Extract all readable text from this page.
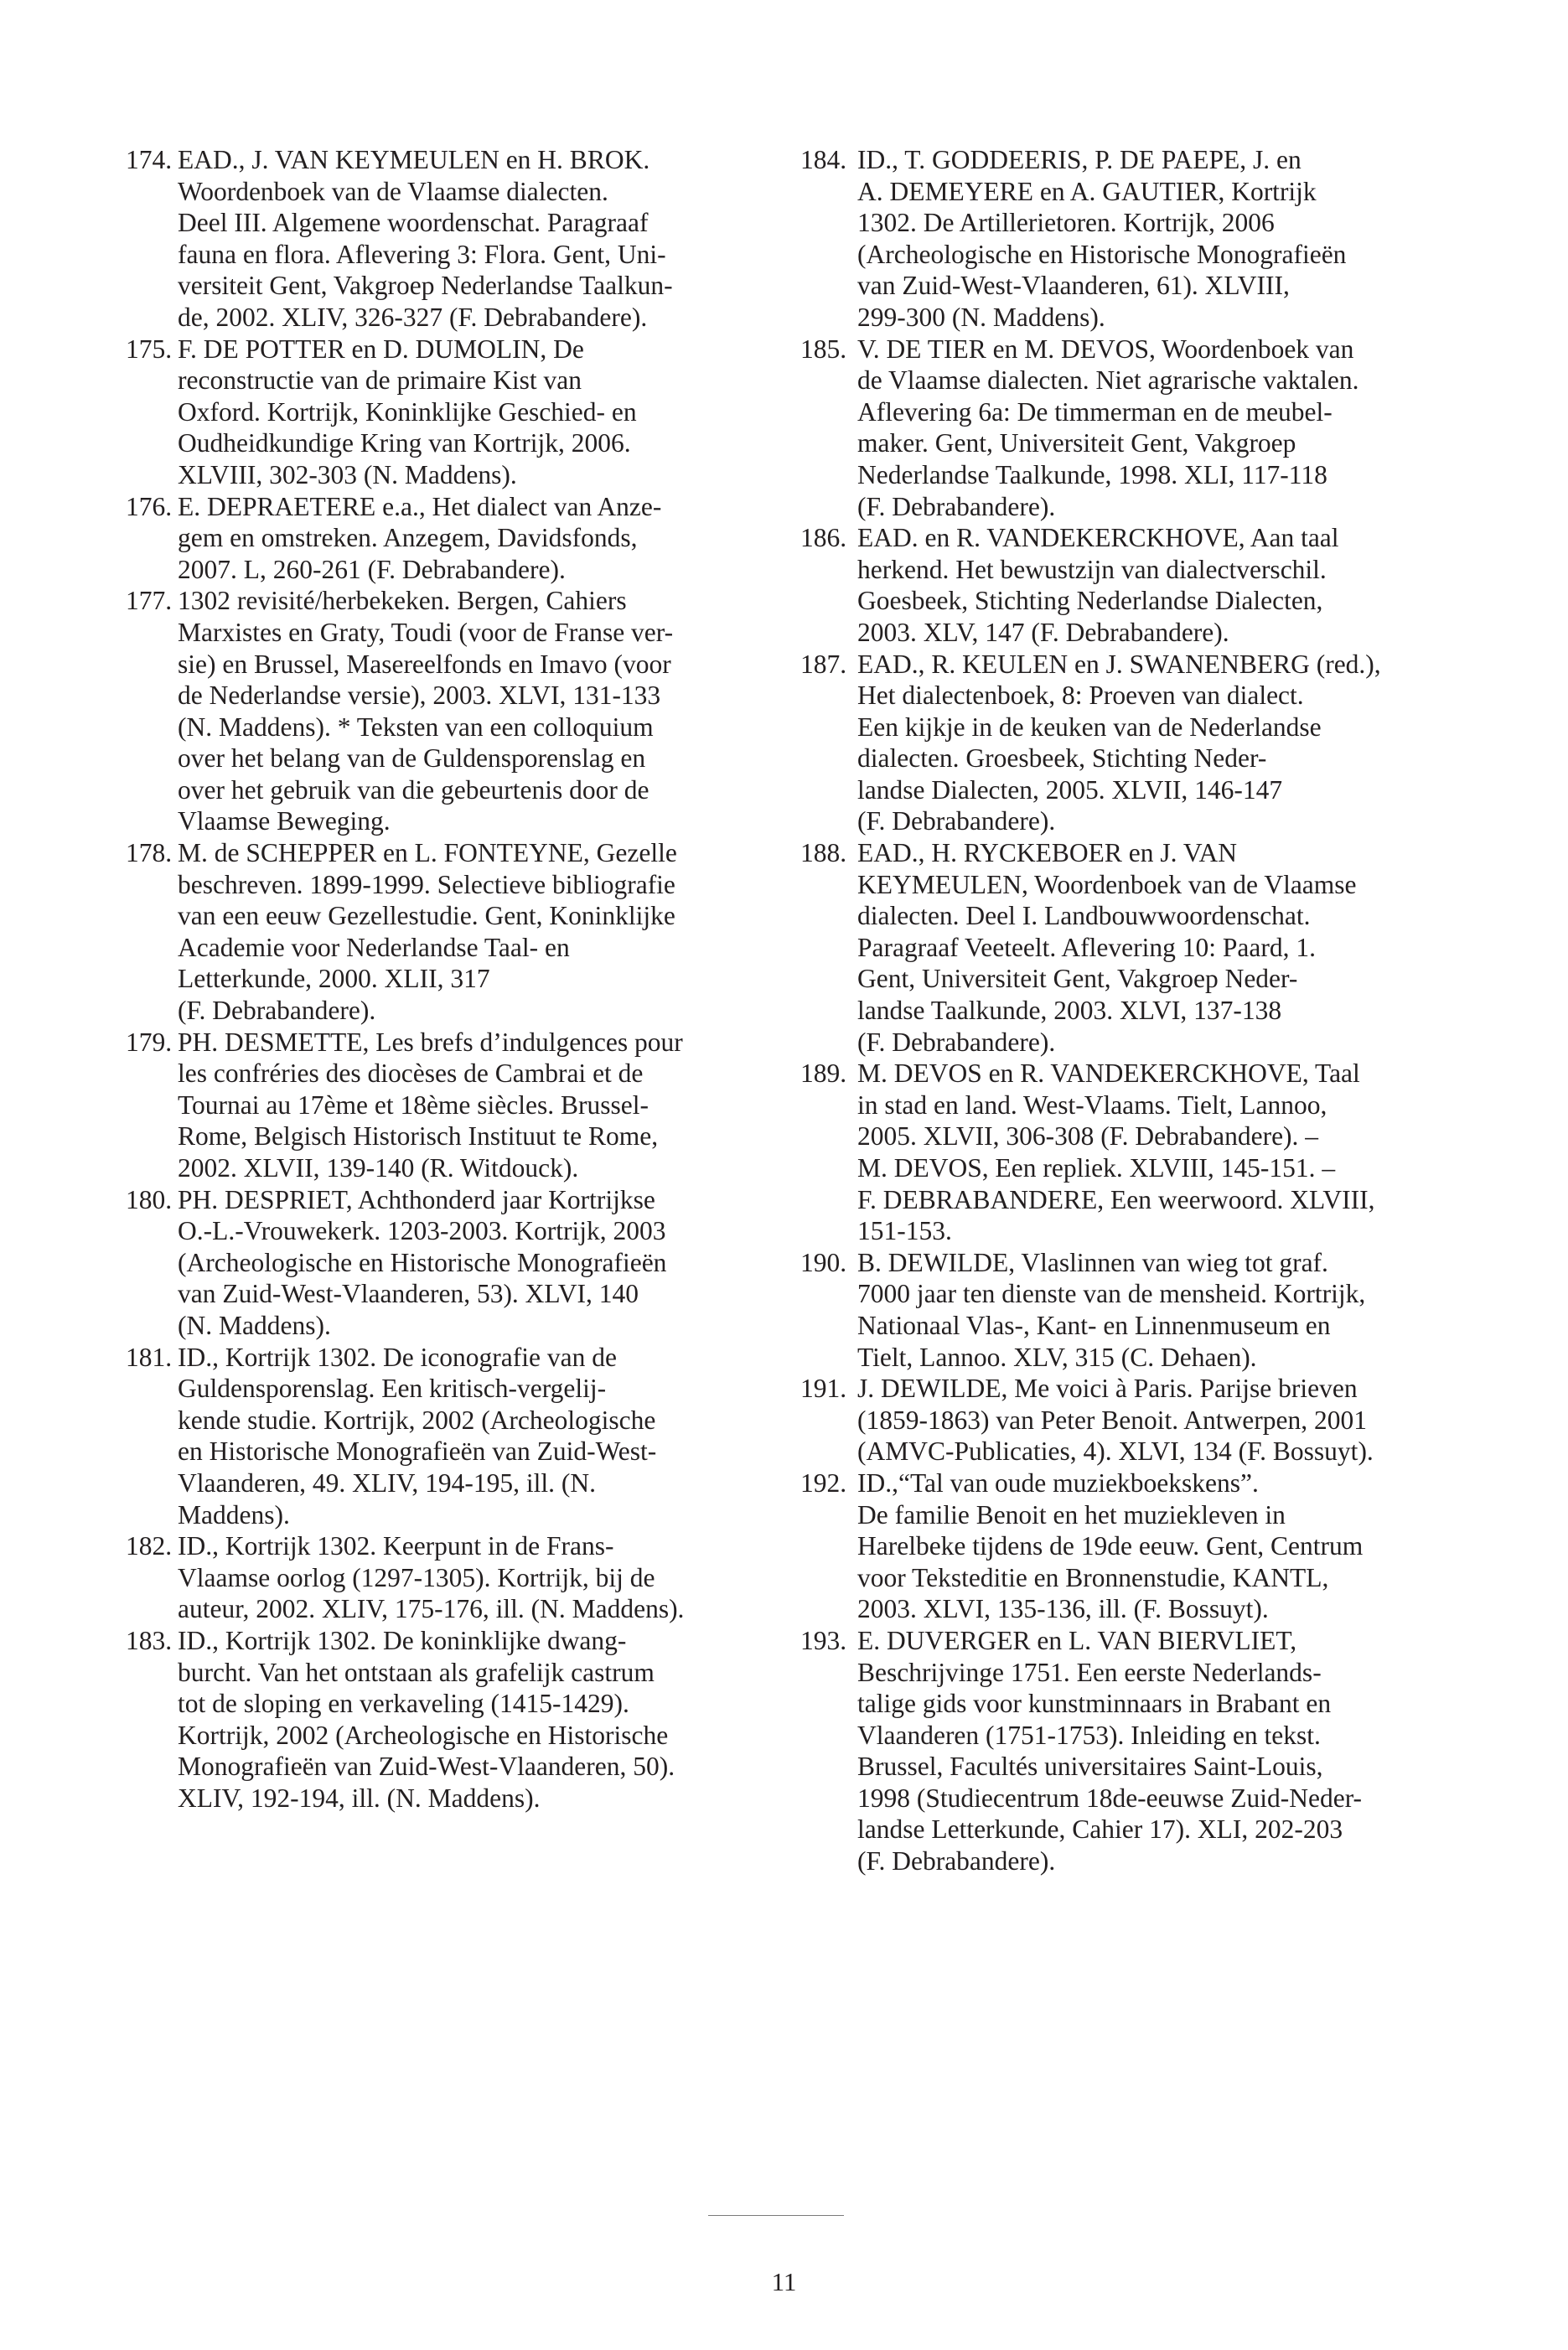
174. EAD., J. VAN KEYMEULEN en H. BROK.Woordenboek van de Vlaamse dialecten.Deel III. Algemene woordenschat. Paragraaffauna en flora. Aflevering 3: Flora. Gent, Uni-versiteit Gent, Vakgroep Nederlandse Taalkun-de, 2002. XLIV, 326-327 (F. Debrabandere).
175. F. DE POTTER en D. DUMOLIN, Dereconstructie van de primaire Kist vanOxford. Kortrijk, Koninklijke Geschied- enOudheidkundige Kring van Kortrijk, 2006.XLVIII, 302-303 (N. Maddens).
176. E. DEPRAETERE e.a., Het dialect van Anze-gem en omstreken. Anzegem, Davidsfonds,2007. L, 260-261 (F. Debrabandere).
177. 1302 revisité/herbekeken. Bergen, CahiersMarxistes en Graty, Toudi (voor de Franse ver-sie) en Brussel, Masereelfonds en Imavo (voorde Nederlandse versie), 2003. XLVI, 131-133(N. Maddens). * Teksten van een colloquiumover het belang van de Guldensporenslag enover het gebruik van die gebeurtenis door deVlaamse Beweging.
178. M. de SCHEPPER en L. FONTEYNE, Gezellebeschreven. 1899-1999. Selectieve bibliografievan een eeuw Gezellestudie. Gent, KoninklijkeAcademie voor Nederlandse Taal- enLetterkunde, 2000. XLII, 317(F. Debrabandere).
179. PH. DESMETTE, Les brefs d’indulgences pourles confréries des diocèses de Cambrai et deTournai au 17ème et 18ème siècles. Brussel-Rome, Belgisch Historisch Instituut te Rome,2002. XLVII, 139-140 (R. Witdouck).
180. PH. DESPRIET, Achthonderd jaar KortrijkseO.-L.-Vrouwekerk. 1203-2003. Kortrijk, 2003(Archeologische en Historische Monografieënvan Zuid-West-Vlaanderen, 53). XLVI, 140(N. Maddens).
181. ID., Kortrijk 1302. De iconografie van deGuldensporenslag. Een kritisch-vergelij-kende studie. Kortrijk, 2002 (Archeologischeen Historische Monografieën van Zuid-West-Vlaanderen, 49. XLIV, 194-195, ill. (N.Maddens).
182. ID., Kortrijk 1302. Keerpunt in de Frans-Vlaamse oorlog (1297-1305). Kortrijk, bij deauteur, 2002. XLIV, 175-176, ill. (N. Maddens).
183. ID., Kortrijk 1302. De koninklijke dwang-burcht. Van het ontstaan als grafelijk castrumtot de sloping en verkaveling (1415-1429).Kortrijk, 2002 (Archeologische en HistorischeMonografieën van Zuid-West-Vlaanderen, 50).XLIV, 192-194, ill. (N. Maddens).
184. ID., T. GODDEERIS, P. DE PAEPE, J. enA. DEMEYERE en A. GAUTIER, Kortrijk1302. De Artillerietoren. Kortrijk, 2006(Archeologische en Historische Monografieënvan Zuid-West-Vlaanderen, 61). XLVIII,299-300 (N. Maddens).
185. V. DE TIER en M. DEVOS, Woordenboek vande Vlaamse dialecten. Niet agrarische vaktalen.Aflevering 6a: De timmerman en de meubel-maker. Gent, Universiteit Gent, VakgroepNederlandse Taalkunde, 1998. XLI, 117-118(F. Debrabandere).
186. EAD. en R. VANDEKERCKHOVE, Aan taalherkend. Het bewustzijn van dialectverschil.Goesbeek, Stichting Nederlandse Dialecten,2003. XLV, 147 (F. Debrabandere).
187. EAD., R. KEULEN en J. SWANENBERG (red.),Het dialectenboek, 8: Proeven van dialect.Een kijkje in de keuken van de Nederlandsedialecten. Groesbeek, Stichting Neder-landse Dialecten, 2005. XLVII, 146-147(F. Debrabandere).
188. EAD., H. RYCKEBOER en J. VANKEYMEULEN, Woordenboek van de Vlaamsedialecten. Deel I. Landbouwwoordenschat.Paragraaf Veeteelt. Aflevering 10: Paard, 1.Gent, Universiteit Gent, Vakgroep Neder-landse Taalkunde, 2003. XLVI, 137-138(F. Debrabandere).
189. M. DEVOS en R. VANDEKERCKHOVE, Taalin stad en land. West-Vlaams. Tielt, Lannoo,2005. XLVII, 306-308 (F. Debrabandere). –M. DEVOS, Een repliek. XLVIII, 145-151. –F. DEBRABANDERE, Een weerwoord. XLVIII,151-153.
190. B. DEWILDE, Vlaslinnen van wieg tot graf.7000 jaar ten dienste van de mensheid. Kortrijk,Nationaal Vlas-, Kant- en Linnenmuseum enTielt, Lannoo. XLV, 315 (C. Dehaen).
191. J. DEWILDE, Me voici à Paris. Parijse brieven(1859-1863) van Peter Benoit. Antwerpen, 2001(AMVC-Publicaties, 4). XLVI, 134 (F. Bossuyt).
192. ID.,“Tal van oude muziekboekskens”.De familie Benoit en het muziekleven inHarelbeke tijdens de 19de eeuw. Gent, Centrumvoor Teksteditie en Bronnenstudie, KANTL,2003. XLVI, 135-136, ill. (F. Bossuyt).
193. E. DUVERGER en L. VAN BIERVLIET,Beschrijvinge 1751. Een eerste Nederlands-talige gids voor kunstminnaars in Brabant enVlaanderen (1751-1753). Inleiding en tekst.Brussel, Facultés universitaires Saint-Louis,1998 (Studiecentrum 18de-eeuwse Zuid-Neder-landse Letterkunde, Cahier 17). XLI, 202-203(F. Debrabandere).
11
